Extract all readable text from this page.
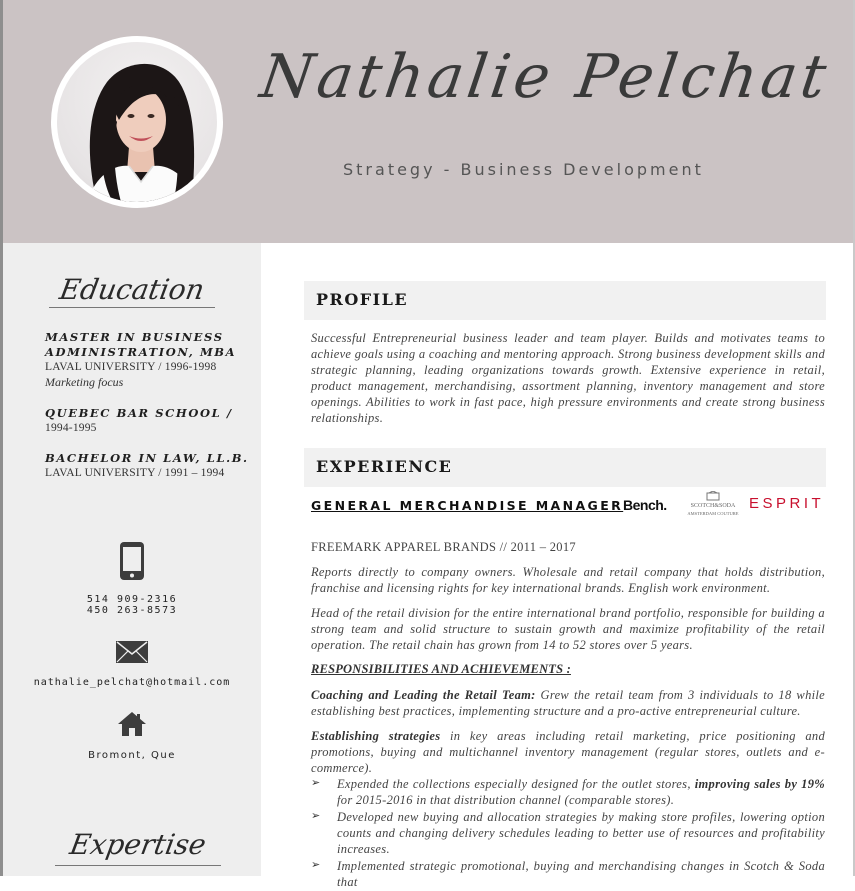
Nathalie Pelchat
Strategy - Business Development
Education
MASTER IN BUSINESS ADMINISTRATION, MBA
LAVAL UNIVERSITY / 1996-1998
Marketing focus
QUEBEC BAR SCHOOL /
1994-1995
BACHELOR IN LAW, LL.B.
LAVAL UNIVERSITY / 1991 – 1994
514 909-2316
450 263-8573
nathalie_pelchat@hotmail.com
Bromont, Que
Expertise
PROFILE
Successful Entrepreneurial business leader and team player. Builds and motivates teams to achieve goals using a coaching and mentoring approach. Strong business development skills and strategic planning, leading organizations towards growth. Extensive experience in retail, product management, merchandising, assortment planning, inventory management and store openings. Abilities to work in fast pace, high pressure environments and create strong business relationships.
EXPERIENCE
GENERAL MERCHANDISE MANAGER Bench.	SCOTCH&SODA
AMSTERDAM COUTURE
ESPRIT
FREEMARK APPAREL BRANDS // 2011 – 2017
Reports directly to company owners. Wholesale and retail company that holds distribution, franchise and licensing rights for key international brands. English work environment.
Head of the retail division for the entire international brand portfolio, responsible for building a strong team and solid structure to sustain growth and maximize profitability of the retail operation. The retail chain has grown from 14 to 52 stores over 5 years.
RESPONSIBILITIES AND ACHIEVEMENTS :
Coaching and Leading the Retail Team: Grew the retail team from 3 individuals to 18 while establishing best practices, implementing structure and a pro-active entrepreneurial culture.
Establishing strategies in key areas including retail marketing, price positioning and promotions, buying and multichannel inventory management (regular stores, outlets and e-commerce).
➢ Expended the collections especially designed for the outlet stores, improving sales by 19% for 2015-2016 in that distribution channel (comparable stores).
➢ Developed new buying and allocation strategies by making store profiles, lowering option counts and changing delivery schedules leading to better use of resources and profitability increases.
➢ Implemented strategic promotional, buying and merchandising changes in Scotch & Soda that
